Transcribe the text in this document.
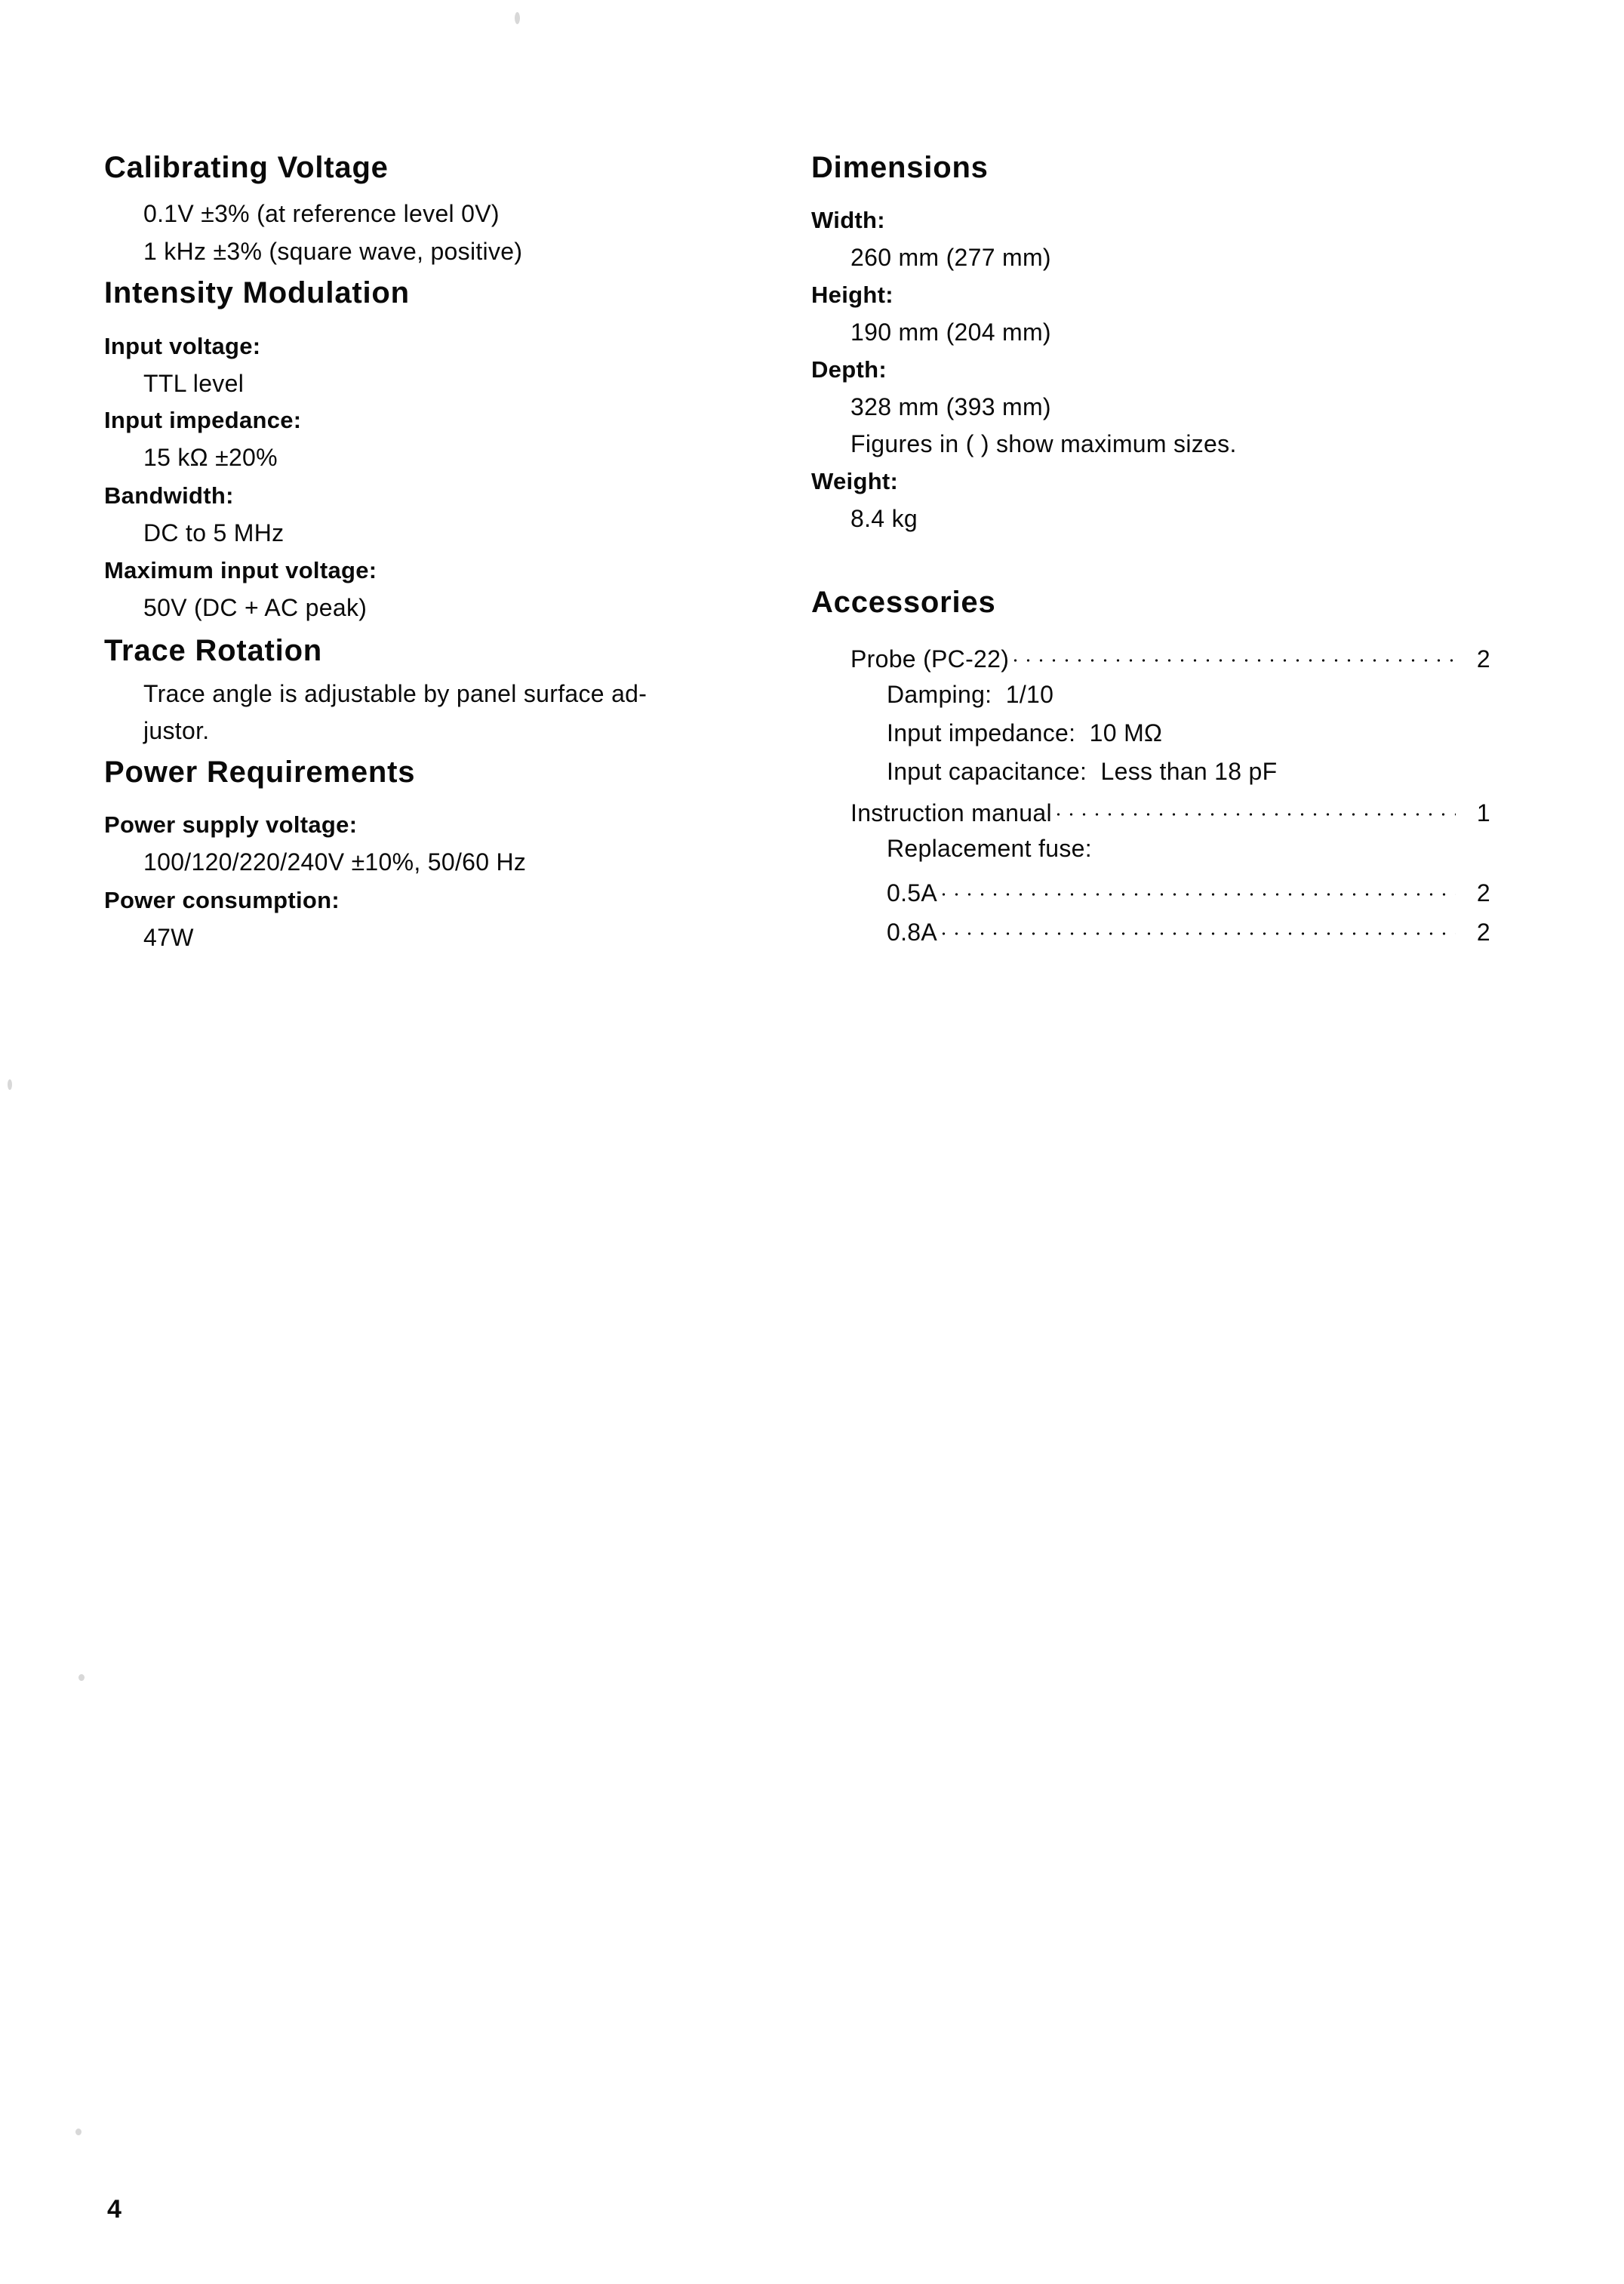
Calibrating Voltage
0.1V ±3% (at reference level 0V)
1 kHz ±3% (square wave, positive)
Intensity Modulation
Input voltage:
TTL level
Input impedance:
15 kΩ ±20%
Bandwidth:
DC to 5 MHz
Maximum input voltage:
50V (DC + AC peak)
Trace Rotation
Trace angle is adjustable by panel surface ad-
justor.
Power Requirements
Power supply voltage:
100/120/220/240V ±10%, 50/60 Hz
Power consumption:
47W
Dimensions
Width:
260 mm (277 mm)
Height:
190 mm (204 mm)
Depth:
328 mm (393 mm)
Figures in ( ) show maximum sizes.
Weight:
8.4 kg
Accessories
Probe (PC-22)	2
Damping:  1/10
Input impedance:  10 MΩ
Input capacitance:  Less than 18 pF
Instruction manual	1
Replacement fuse:
0.5A	2
0.8A	2
4
